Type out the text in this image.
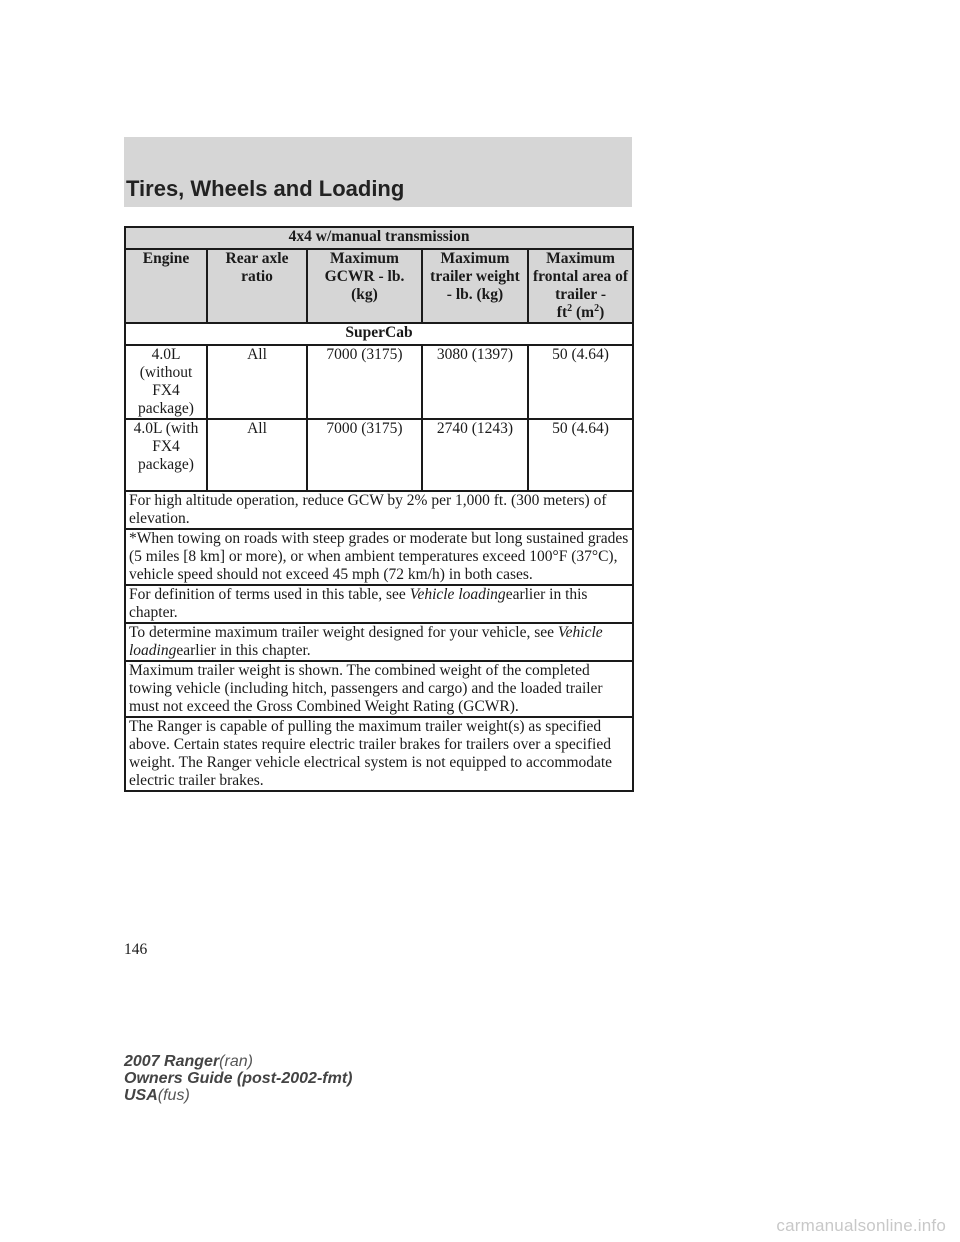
Tires, Wheels and Loading
4x4 w/manual transmission				
Engine	Rear axle ratio	Maximum GCWR - lb. (kg)	Maximum trailer weight - lb. (kg)	Maximum frontal area of trailer -
$ft^2$ $(m^2)$
SuperCab				
4.0L (without FX4 package)	All	7000 (3175)	3080 (1397)	50 (4.64)
4.0L (with FX4 package)	All	7000 (3175)	2740 (1243)	50 (4.64)
For high altitude operation, reduce GCW by 2% per 1,000 ft. (300 meters) of elevation.				
*When towing on roads with steep grades or moderate but long sustained grades (5 miles [8 km] or more), or when ambient temperatures exceed 100°F (37°C), vehicle speed should not exceed 45 mph (72 km/h) in both cases.				
For definition of terms used in this table, see Vehicle loadingearlier in this chapter.				
To determine maximum trailer weight designed for your vehicle, see Vehicle loadingearlier in this chapter.				
Maximum trailer weight is shown. The combined weight of the completed towing vehicle (including hitch, passengers and cargo) and the loaded trailer must not exceed the Gross Combined Weight Rating (GCWR).				
The Ranger is capable of pulling the maximum trailer weight(s) as specified above. Certain states require electric trailer brakes for trailers over a specified weight. The Ranger vehicle electrical system is not equipped to accommodate electric trailer brakes.				
146
2007 Ranger(ran)
Owners Guide (post-2002-fmt)
USA(fus)
carmanualsonline.info
